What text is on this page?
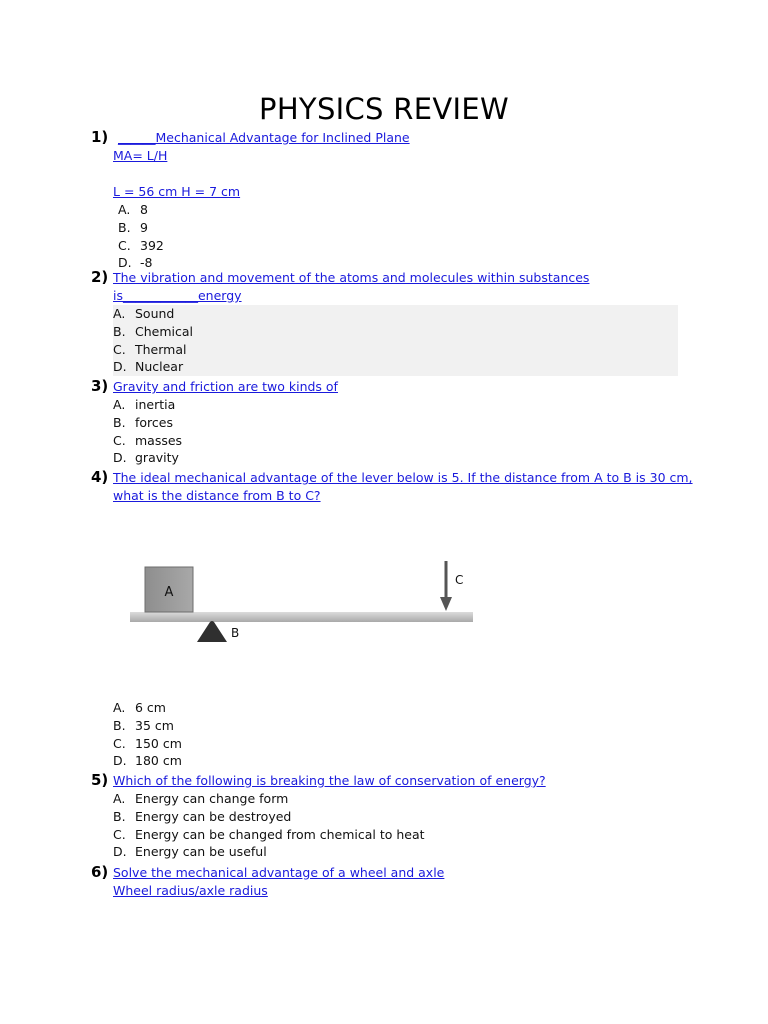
PHYSICS REVIEW
1) ______Mechanical Advantage for Inclined Plane
MA= L/H
L = 56 cm H = 7 cm
A. 8
B. 9
C. 392
D. -8
2) The vibration and movement of the atoms and molecules within substances
is____________energy
A. Sound
B. Chemical
C. Thermal
D. Nuclear
3) Gravity and friction are two kinds of
A. inertia
B. forces
C. masses
D. gravity
4) The ideal mechanical advantage of the lever below is 5. If the distance from A to B is 30 cm,
what is the distance from B to C?
A
B
C
A. 6 cm
B. 35 cm
C. 150 cm
D. 180 cm
5) Which of the following is breaking the law of conservation of energy?
A. Energy can change form
B. Energy can be destroyed
C. Energy can be changed from chemical to heat
D. Energy can be useful
6) Solve the mechanical advantage of a wheel and axle
Wheel radius/axle radius
